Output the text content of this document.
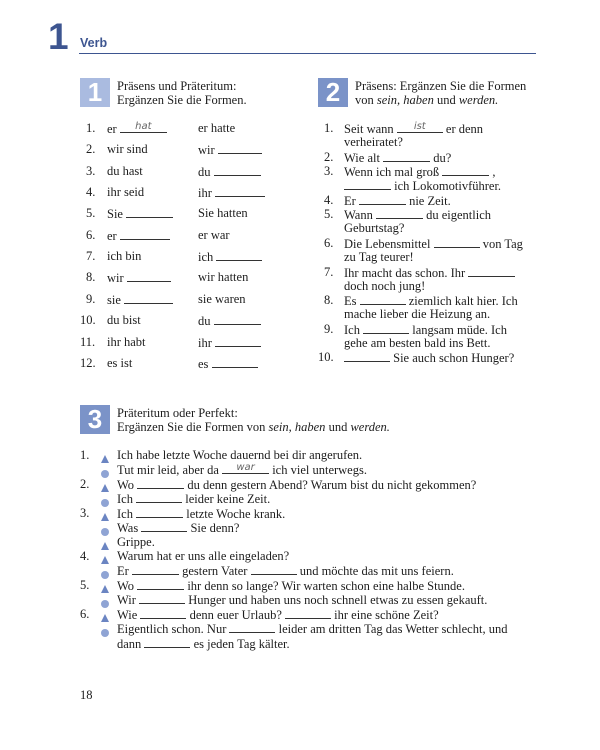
1 Verb
1	Präsens und Präteritum:
Ergänzen Sie die Formen.
1. er	hat	er hatte
2. wir sind	wir
3. du hast	du
4. ihr seid	ihr
5. Sie	Sie hatten
6. er	er war
7. ich bin	ich
8. wir	wir hatten
9. sie	sie waren
10. du bist	du
11. ihr habt	ihr
12. es ist	es
2	Präsens: Ergänzen Sie die Formen
von sein, haben und werden.
1. Seit wann	ist	er denn
verheiratet?
2. Wie alt	du?
3. Wenn ich mal groß	,
ich Lokomotivführer.
4. Er	nie Zeit.
5. Wann	du eigentlich
Geburtstag?
6. Die Lebensmittel	von Tag
zu Tag teurer!
7. Ihr macht das schon. Ihr
doch noch jung!
8. Es	ziemlich kalt hier. Ich
mache lieber die Heizung an.
9. Ich	langsam müde. Ich
gehe am besten bald ins Bett.
10.	Sie auch schon Hunger?
3	Präteritum oder Perfekt:
Ergänzen Sie die Formen von sein, haben und werden.
1.
2.
3.
4.
5.
6.
Ich habe letzte Woche dauernd bei dir angerufen.
Tut mir leid, aber da	war	ich viel unterwegs.
Wo	du denn gestern Abend? Warum bist du nicht gekommen?
Ich	leider keine Zeit.
Ich	letzte Woche krank.
Was	Sie denn?
Grippe.
Warum hat er uns alle eingeladen?
Er	gestern Vater	und möchte das mit uns feiern.
Wo	ihr denn so lange? Wir warten schon eine halbe Stunde.
Wir	Hunger und haben uns noch schnell etwas zu essen gekauft.
Wie	denn euer Urlaub?	ihr eine schöne Zeit?
Eigentlich schon. Nur	leider am dritten Tag das Wetter schlecht, und
dann	es jeden Tag kälter.
18
